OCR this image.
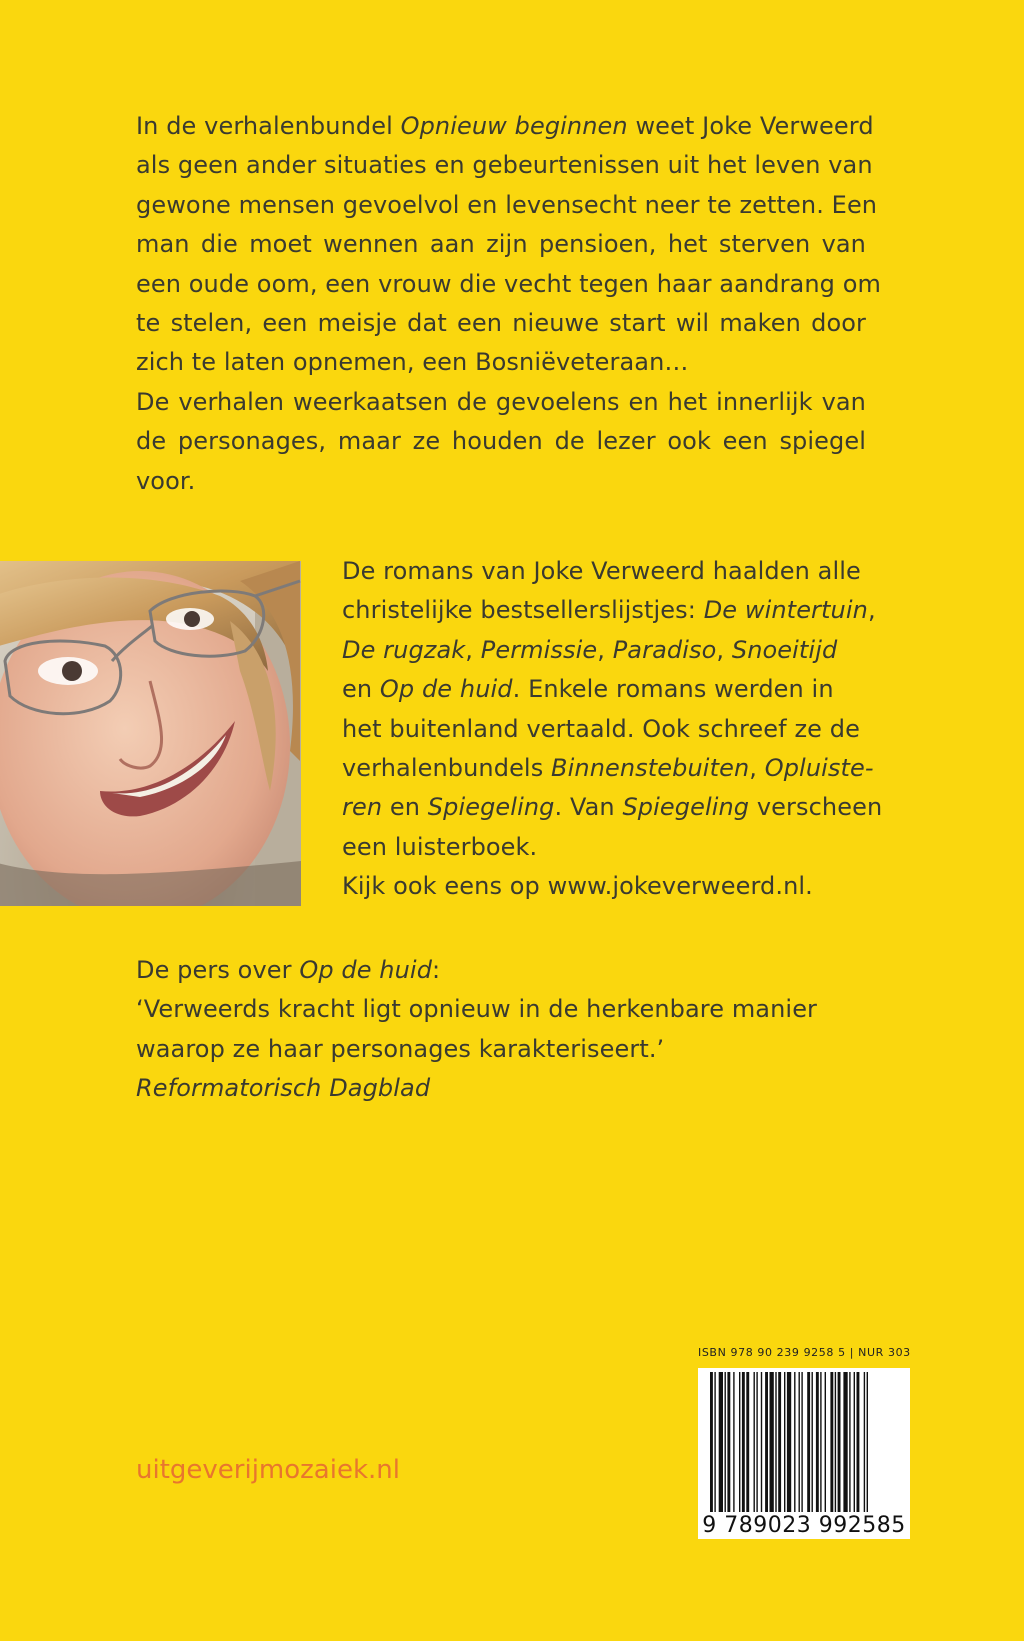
In de verhalenbundel Opnieuw beginnen weet Joke Verweerd
als geen ander situaties en gebeurtenissen uit het leven van
gewone mensen gevoelvol en levensecht neer te zetten. Een
man die moet wennen aan zijn pensioen, het sterven van
een oude oom, een vrouw die vecht tegen haar aandrang om
te stelen, een meisje dat een nieuwe start wil maken door
zich te laten opnemen, een Bosniëveteraan…
De verhalen weerkaatsen de gevoelens en het innerlijk van
de personages, maar ze houden de lezer ook een spiegel
voor.
De romans van Joke Verweerd haalden alle
christelijke bestsellerslijstjes: De wintertuin,
De rugzak, Permissie, Paradiso, Snoeitijd
en Op de huid. Enkele romans werden in
het buitenland vertaald. Ook schreef ze de
verhalenbundels Binnenstebuiten, Opluiste-
ren en Spiegeling. Van Spiegeling verscheen
een luisterboek.
Kijk ook eens op www.jokeverweerd.nl.
De pers over Op de huid:
‘Verweerds kracht ligt opnieuw in de herkenbare manier
waarop ze haar personages karakteriseert.’
Reformatorisch Dagblad

uitgeverijmozaiek.nl

ISBN 978 90 239 9258 5 | NUR 303
9 789023 992585
